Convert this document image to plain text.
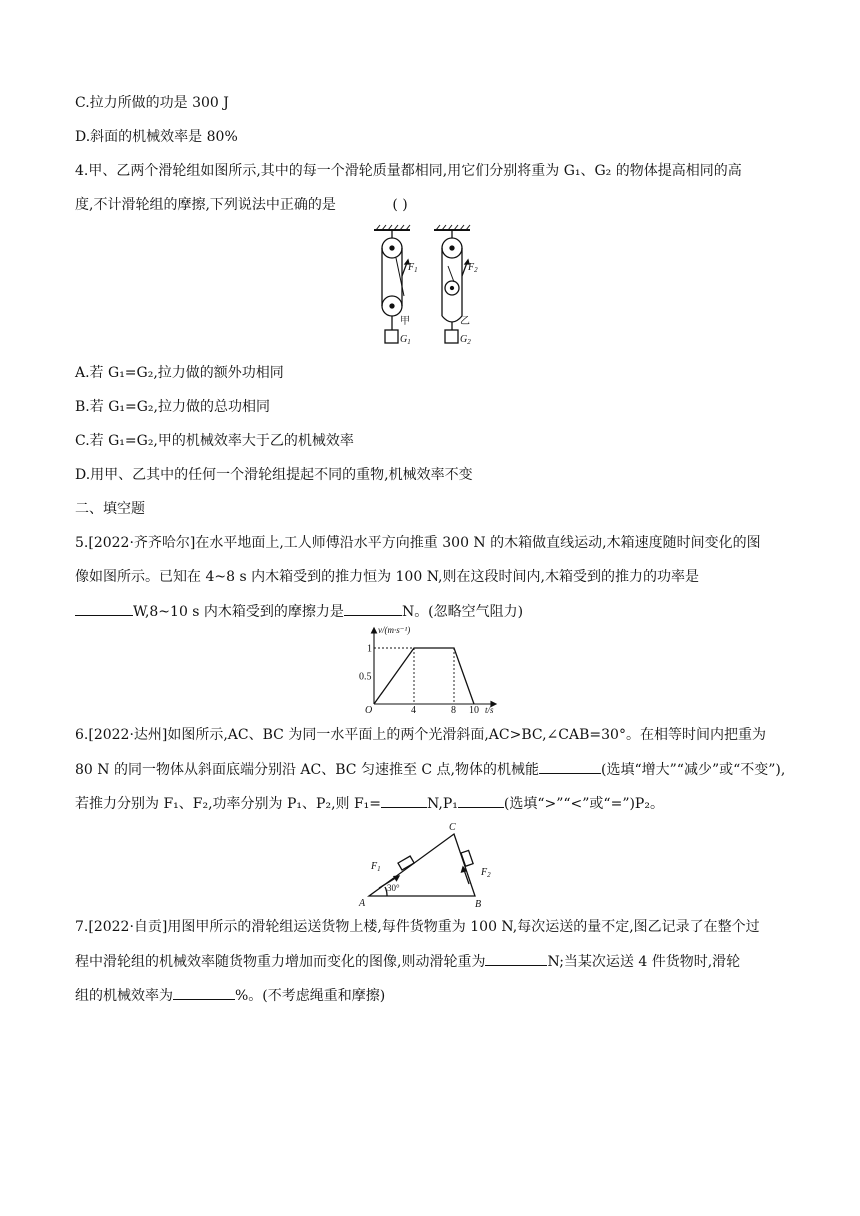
C.拉力所做的功是 300 J
D.斜面的机械效率是 80%
4.甲、乙两个滑轮组如图所示,其中的每一个滑轮质量都相同,用它们分别将重为 G₁、G₂ 的物体提高相同的高
度,不计滑轮组的摩擦,下列说法中正确的是	( )
$F_1$	$F_2$
$G_1$	$G_2$
甲	乙
A.若 G₁=G₂,拉力做的额外功相同
B.若 G₁=G₂,拉力做的总功相同
C.若 G₁=G₂,甲的机械效率大于乙的机械效率
D.用甲、乙其中的任何一个滑轮组提起不同的重物,机械效率不变
二、填空题
5.[2022·齐齐哈尔]在水平地面上,工人师傅沿水平方向推重 300 N 的木箱做直线运动,木箱速度随时间变化的图
像如图所示。已知在 4~8 s 内木箱受到的推力恒为 100 N,则在这段时间内,木箱受到的推力的功率是
W,8~10 s 内木箱受到的摩擦力是	N。(忽略空气阻力)
4	8 10
0.5
1
v/(m·s⁻¹)
t/s
O
6.[2022·达州]如图所示,AC、BC 为同一水平面上的两个光滑斜面,AC>BC,∠CAB=30°。在相等时间内把重为
80 N 的同一物体从斜面底端分别沿 AC、BC 匀速推至 C 点,物体的机械能	(选填“增大”“减少”或“不变”),
若推力分别为 F₁、F₂,功率分别为 P₁、P₂,则 F₁=	N,P₁	(选填“>”“<”或“=”)P₂。
A	B
C
$F_1$	$F_2$
30°
7.[2022·自贡]用图甲所示的滑轮组运送货物上楼,每件货物重为 100 N,每次运送的量不定,图乙记录了在整个过
程中滑轮组的机械效率随货物重力增加而变化的图像,则动滑轮重为	N;当某次运送 4 件货物时,滑轮
组的机械效率为	%。(不考虑绳重和摩擦)
